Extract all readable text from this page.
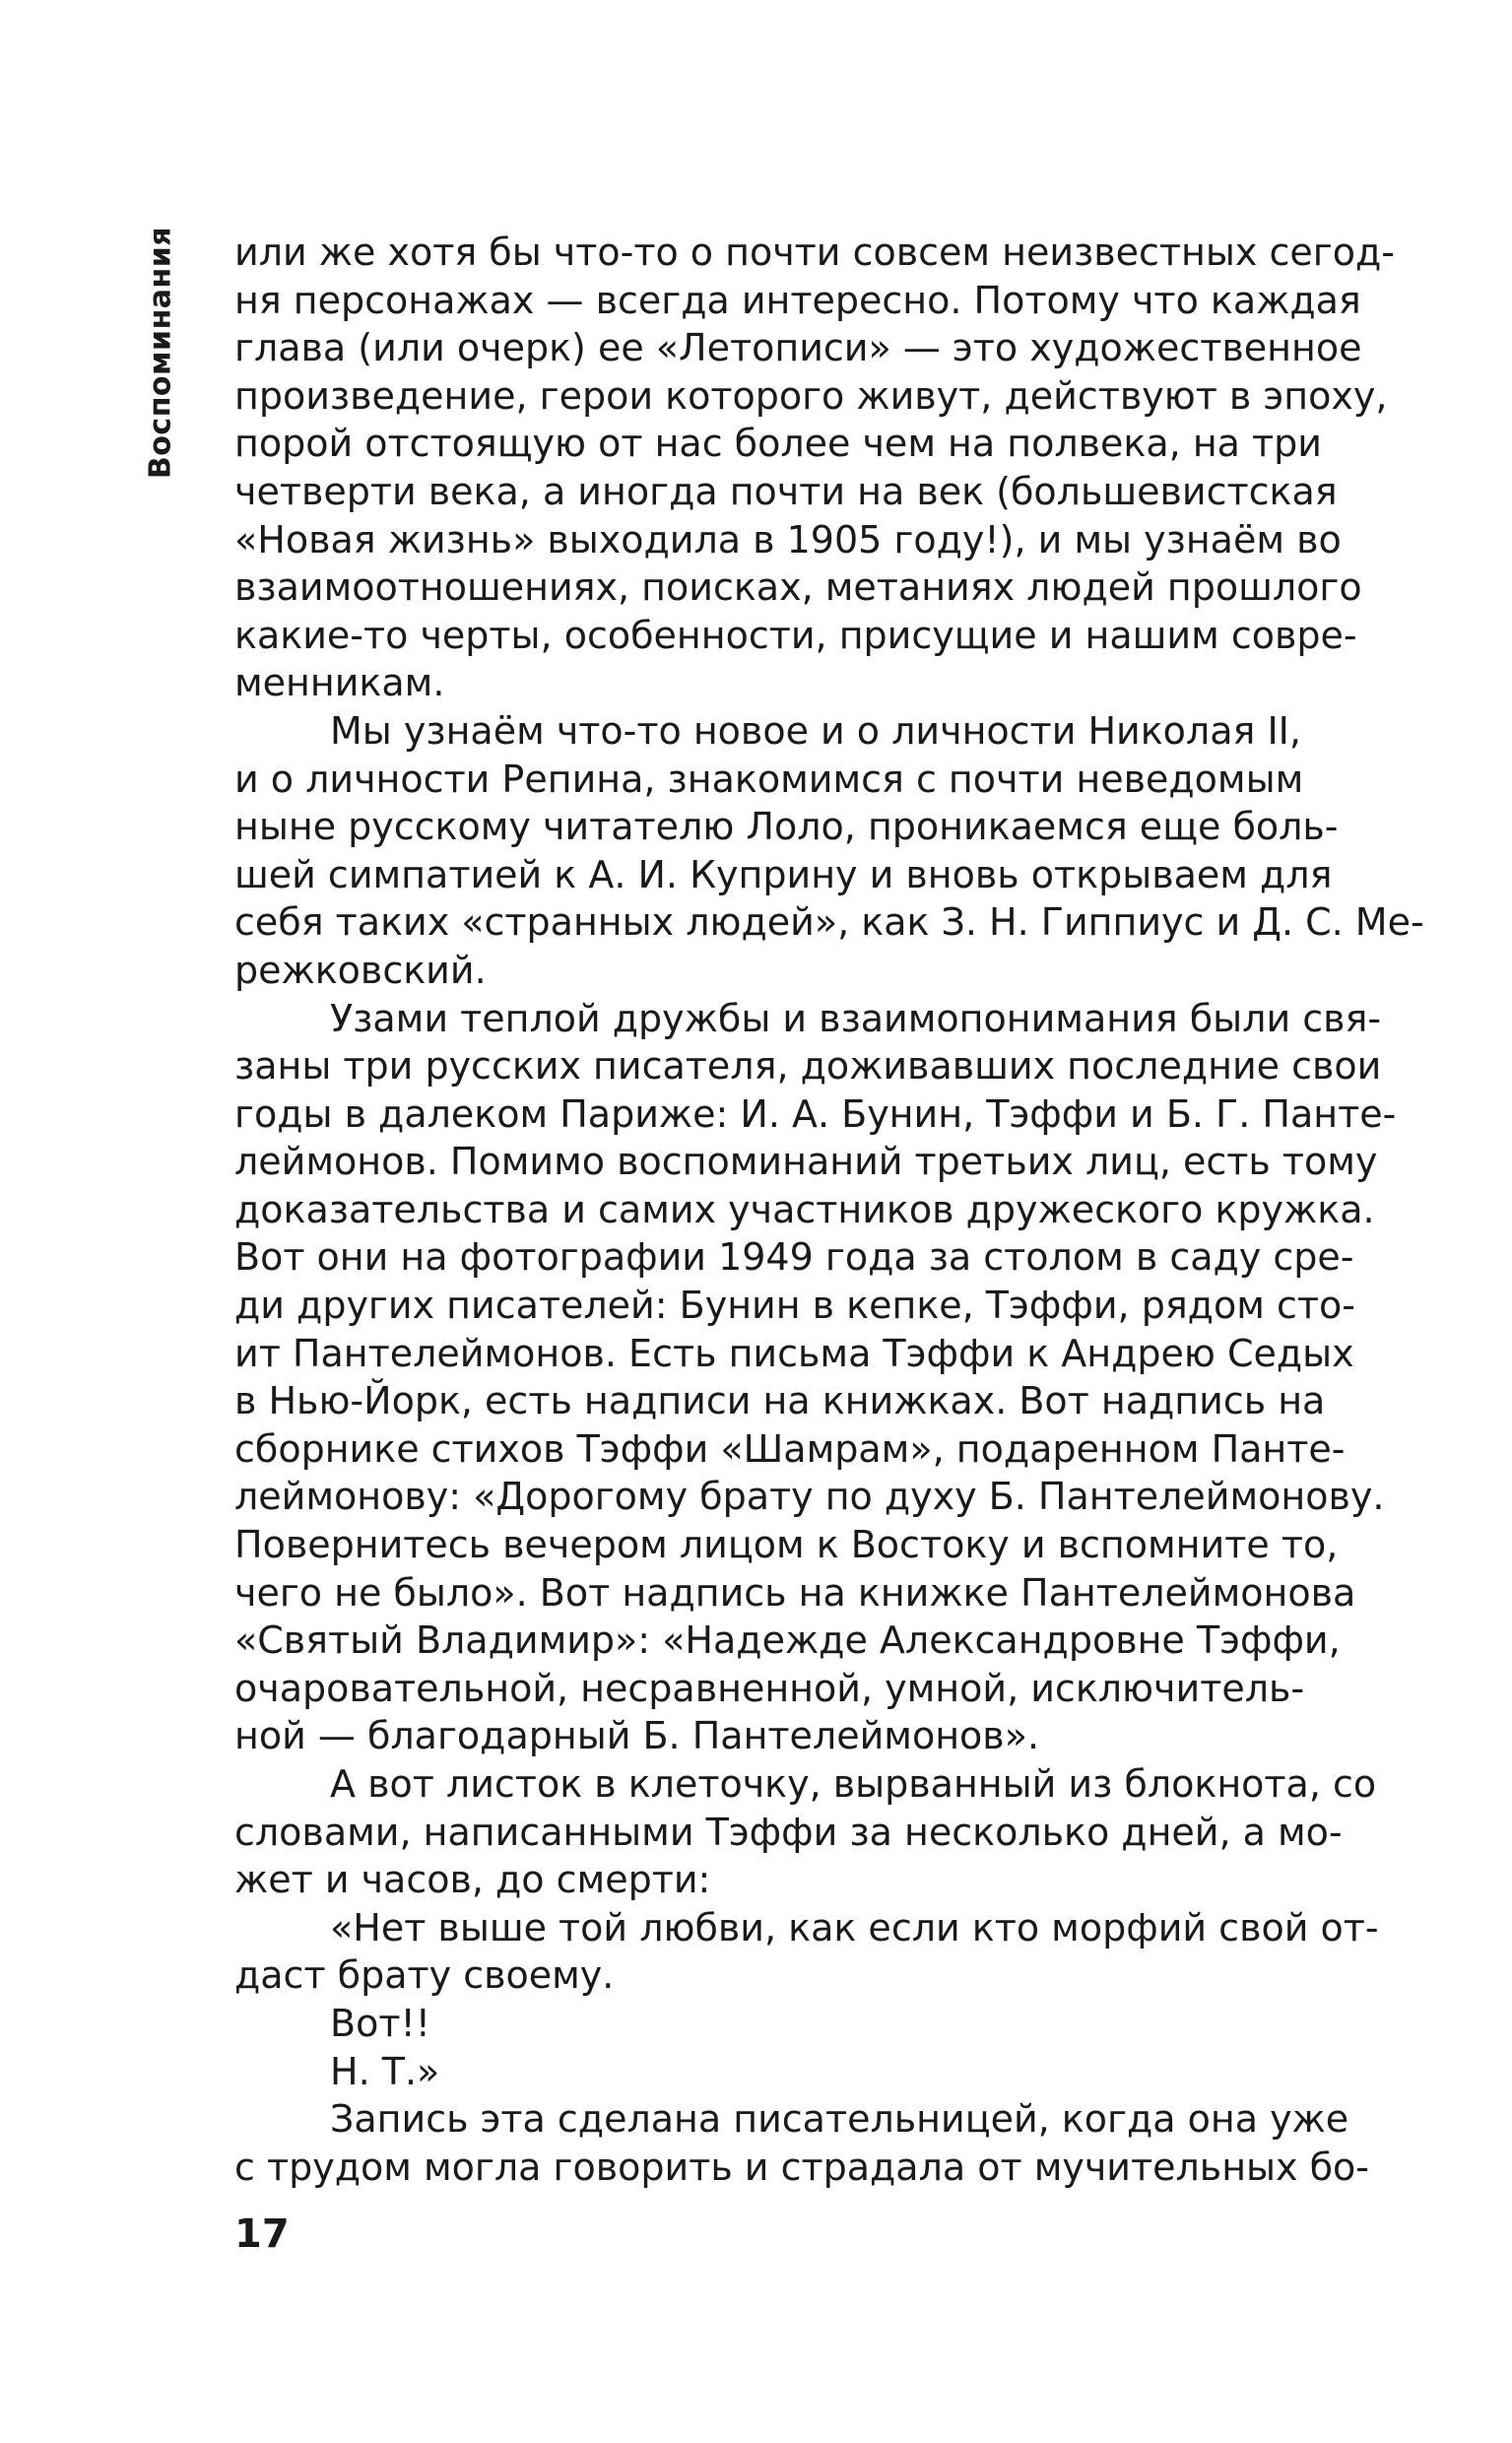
Воспоминания или же хотя бы что-то о почти совсем неизвестных сегод-
ня персонажах — всегда интересно. Потому что каждая
глава (или очерк) ее «Летописи» — это художественное
произведение, герои которого живут, действуют в эпоху,
порой отстоящую от нас более чем на полвека, на три
четверти века, а иногда почти на век (большевистская
«Новая жизнь» выходила в 1905 году!), и мы узнаём во
взаимоотношениях, поисках, метаниях людей прошлого
какие-то черты, особенности, присущие и нашим совре-
менникам.
Мы узнаём что-то новое и о личности Николая II,
и о личности Репина, знакомимся с почти неведомым
ныне русскому читателю Лоло, проникаемся еще боль-
шей симпатией к А. И. Куприну и вновь открываем для
себя таких «странных людей», как З. Н. Гиппиус и Д. С. Ме-
режковский.
Узами теплой дружбы и взаимопонимания были свя-
заны три русских писателя, доживавших последние свои
годы в далеком Париже: И. А. Бунин, Тэффи и Б. Г. Панте-
леймонов. Помимо воспоминаний третьих лиц, есть тому
доказательства и самих участников дружеского кружка.
Вот они на фотографии 1949 года за столом в саду сре-
ди других писателей: Бунин в кепке, Тэффи, рядом сто-
ит Пантелеймонов. Есть письма Тэффи к Андрею Седых
в Нью-Йорк, есть надписи на книжках. Вот надпись на
сборнике стихов Тэффи «Шамрам», подаренном Панте-
леймонову: «Дорогому брату по духу Б. Пантелеймонову.
Повернитесь вечером лицом к Востоку и вспомните то,
чего не было». Вот надпись на книжке Пантелеймонова
«Святый Владимир»: «Надежде Александровне Тэффи,
очаровательной, несравненной, умной, исключитель-
ной — благодарный Б. Пантелеймонов».
А вот листок в клеточку, вырванный из блокнота, со
словами, написанными Тэффи за несколько дней, а мо-
жет и часов, до смерти:
«Нет выше той любви, как если кто морфий свой от-
даст брату своему.
Вот!!
Н. Т.»
Запись эта сделана писательницей, когда она уже
с трудом могла говорить и страдала от мучительных бо-
17
